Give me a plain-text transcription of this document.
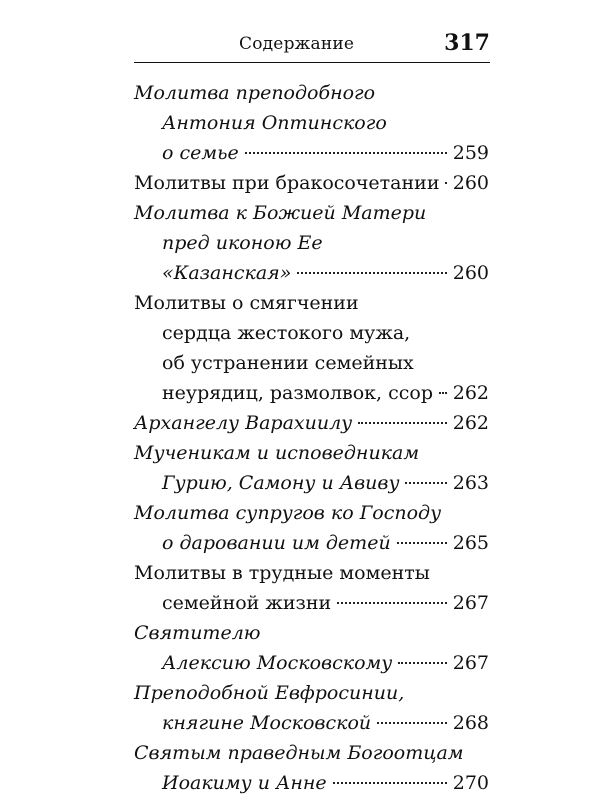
Содержание	317
Молитва преподобного
Антония Оптинского
о семье	259
Молитвы при бракосочетании 260
Молитва к Божией Матери
пред иконою Ее
«Казанская»	260
Молитвы о смягчении
сердца жестокого мужа,
об устранении семейных
неурядиц, размолвок, ссор 262
Архангелу Варахиилу	262
Мученикам и исповедникам
Гурию, Самону и Авиву	263
Молитва супругов ко Господу
о даровании им детей	265
Молитвы в трудные моменты
семейной жизни	267
Святителю
Алексию Московскому	267
Преподобной Евфросинии,
княгине Московской	268
Святым праведным Богоотцам
Иоакиму и Анне	270
